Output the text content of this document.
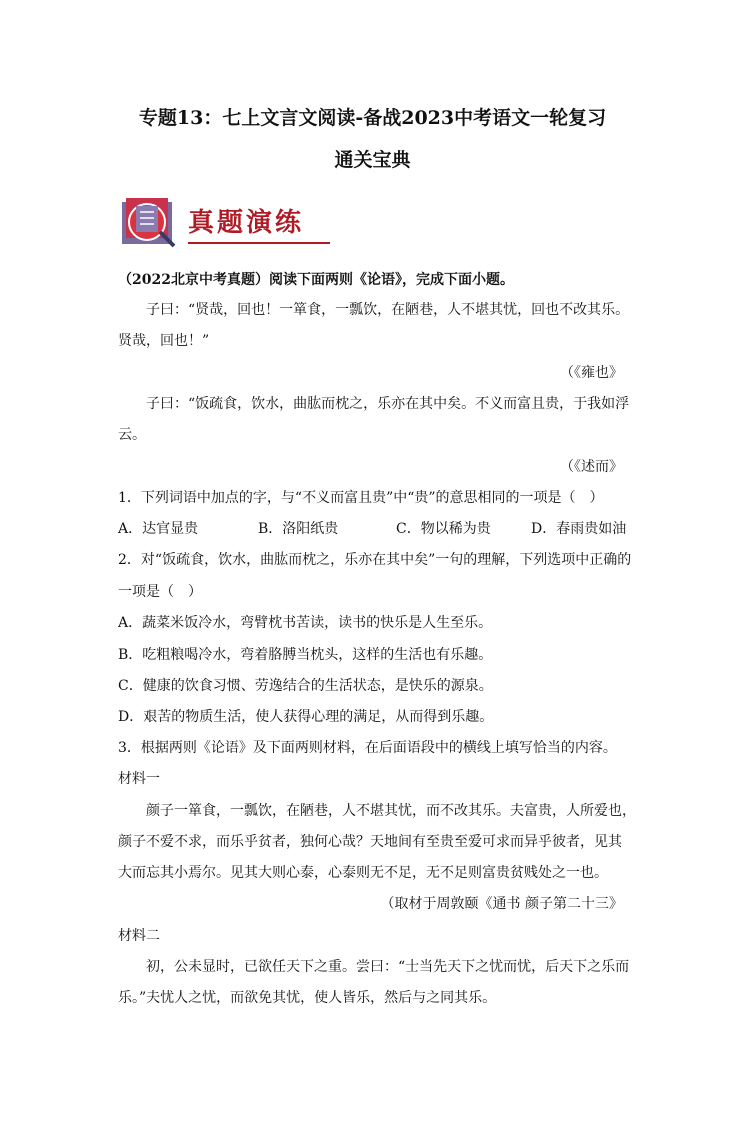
专题13：七上文言文阅读-备战2023中考语文一轮复习
通关宝典
真题演练
（2022北京中考真题）阅读下面两则《论语》，完成下面小题。
子曰：“贤哉，回也！一箪食，一瓢饮，在陋巷，人不堪其忧，回也不改其乐。
贤哉，回也！”
（《雍也》
子曰：“饭疏食，饮水，曲肱而枕之，乐亦在其中矣。不义而富且贵，于我如浮
云。
（《述而》
1．下列词语中加点的字，与“不义而富且贵”中“贵”的意思相同的一项是（　）
A．达官显贵	B．洛阳纸贵	C．物以稀为贵	D．春雨贵如油
2．对“饭疏食，饮水，曲肱而枕之，乐亦在其中矣”一句的理解，下列选项中正确的
一项是（　）
A．蔬菜米饭冷水，弯臂枕书苦读，读书的快乐是人生至乐。
B．吃粗粮喝冷水，弯着胳膊当枕头，这样的生活也有乐趣。
C．健康的饮食习惯、劳逸结合的生活状态，是快乐的源泉。
D．艰苦的物质生活，使人获得心理的满足，从而得到乐趣。
3．根据两则《论语》及下面两则材料，在后面语段中的横线上填写恰当的内容。
材料一
颜子一箪食，一瓢饮，在陋巷，人不堪其忧，而不改其乐。夫富贵，人所爱也，
颜子不爱不求，而乐乎贫者，独何心哉？天地间有至贵至爱可求而异乎彼者，见其
大而忘其小焉尔。见其大则心泰，心泰则无不足，无不足则富贵贫贱处之一也。
（取材于周敦颐《通书 颜子第二十三》
材料二
初，公未显时，已欲任天下之重。尝曰：“士当先天下之忧而忧，后天下之乐而
乐。”夫忧人之忧，而欲免其忧，使人皆乐，然后与之同其乐。
